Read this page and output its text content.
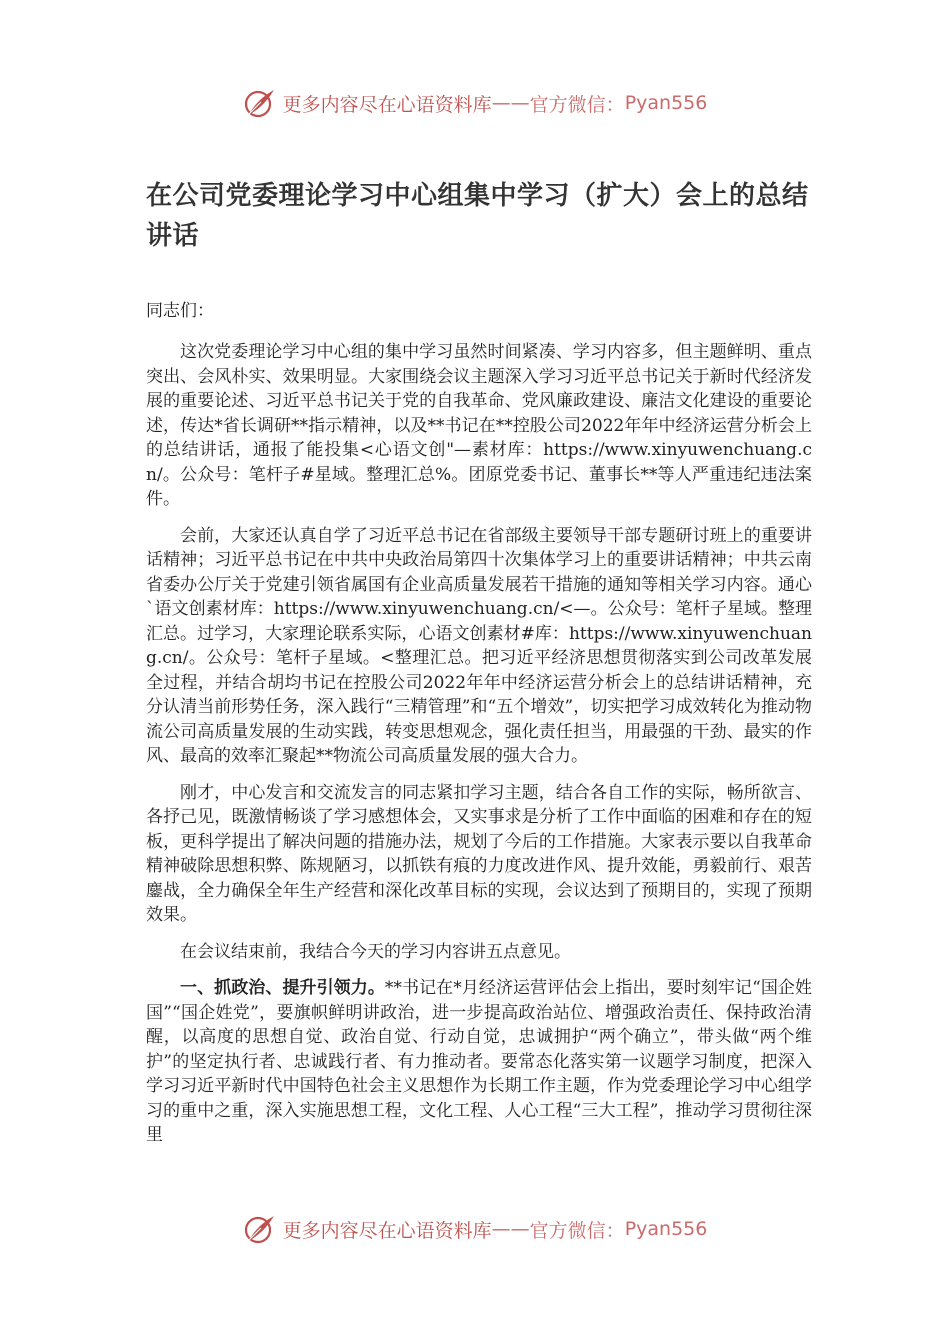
更多内容尽在心语资料库 —— 官方微信： Pyan556
在公司党委理论学习中心组集中学习（扩大）会上的总结讲话
同志们：

这次党委理论学习中心组的集中学习虽然时间紧凑、学习内容多，但主题鲜明、重点突出、会风朴实、效果明显。大家围绕会议主题深入学习习近平总书记关于新时代经济发展的重要论述、习近平总书记关于党的自我革命、党风廉政建设、廉洁文化建设的重要论述，传达*省长调研**指示精神，以及**书记在**控股公司2022年年中经济运营分析会上的总结讲话，通报了能投集<心语文创"—素材库：https://www.xinyuwenchuang.cn/。公众号：笔杆子#星域。整理汇总%。团原党委书记、董事长**等人严重违纪违法案件。

会前，大家还认真自学了习近平总书记在省部级主要领导干部专题研讨班上的重要讲话精神；习近平总书记在中共中央政治局第四十次集体学习上的重要讲话精神；中共云南省委办公厅关于党建引领省属国有企业高质量发展若干措施的通知等相关学习内容。通心`语文创素材库：https://www.xinyuwenchuang.cn/<—。公众号：笔杆子星域。整理汇总。过学习，大家理论联系实际，心语文创素材#库：https://www.xinyuwenchuang.cn/。公众号：笔杆子星域。<整理汇总。把习近平经济思想贯彻落实到公司改革发展全过程，并结合胡均书记在控股公司2022年年中经济运营分析会上的总结讲话精神，充分认清当前形势任务，深入践行“三精管理”和“五个增效”，切实把学习成效转化为推动物流公司高质量发展的生动实践，转变思想观念，强化责任担当，用最强的干劲、最实的作风、最高的效率汇聚起**物流公司高质量发展的强大合力。

刚才，中心发言和交流发言的同志紧扣学习主题，结合各自工作的实际，畅所欲言、各抒己见，既激情畅谈了学习感想体会，又实事求是分析了工作中面临的困难和存在的短板，更科学提出了解决问题的措施办法，规划了今后的工作措施。大家表示要以自我革命精神破除思想积弊、陈规陋习，以抓铁有痕的力度改进作风、提升效能，勇毅前行、艰苦鏖战，全力确保全年生产经营和深化改革目标的实现，会议达到了预期目的，实现了预期效果。

在会议结束前，我结合今天的学习内容讲五点意见。

一、抓政治、提升引领力。**书记在*月经济运营评估会上指出，要时刻牢记“国企姓国”“国企姓党”，要旗帜鲜明讲政治，进一步提高政治站位、增强政治责任、保持政治清醒，以高度的思想自觉、政治自觉、行动自觉，忠诚拥护“两个确立”，带头做“两个维护”的坚定执行者、忠诚践行者、有力推动者。要常态化落实第一议题学习制度，把深入学习习近平新时代中国特色社会主义思想作为长期工作主题，作为党委理论学习中心组学习的重中之重，深入实施思想工程，文化工程、人心工程“三大工程”，推动学习贯彻往深里

更多内容尽在心语资料库 —— 官方微信： Pyan556
